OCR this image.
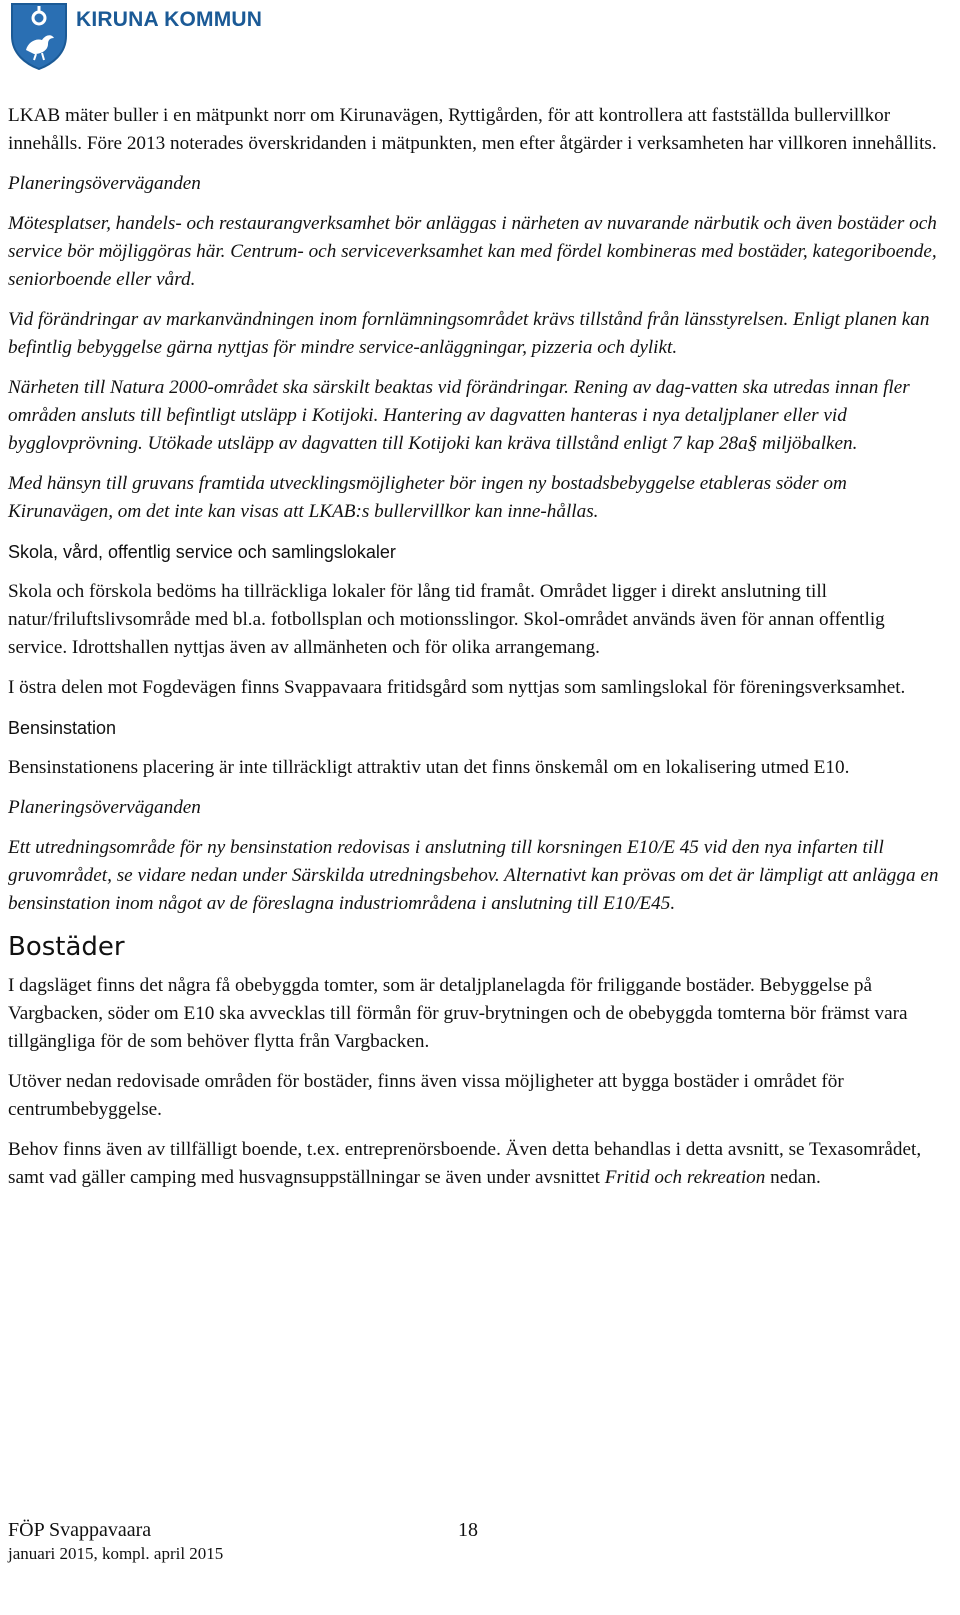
KIRUNA KOMMUN

LKAB mäter buller i en mätpunkt norr om Kirunavägen, Ryttigården, för att kontrollera att fastställda bullervillkor innehålls. Före 2013 noterades överskridanden i mätpunkten, men efter åtgärder i verksamheten har villkoren innehållits.

Planeringsöverväganden

Mötesplatser, handels- och restaurangverksamhet bör anläggas i närheten av nuvarande närbutik och även bostäder och service bör möjliggöras här. Centrum- och serviceverksamhet kan med fördel kombineras med bostäder, kategoriboende, seniorboende eller vård.

Vid förändringar av markanvändningen inom fornlämningsområdet krävs tillstånd från länsstyrelsen. Enligt planen kan befintlig bebyggelse gärna nyttjas för mindre service-anläggningar, pizzeria och dylikt.

Närheten till Natura 2000-området ska särskilt beaktas vid förändringar. Rening av dag-vatten ska utredas innan fler områden ansluts till befintligt utsläpp i Kotijoki. Hantering av dagvatten hanteras i nya detaljplaner eller vid bygglovprövning. Utökade utsläpp av dagvatten till Kotijoki kan kräva tillstånd enligt 7 kap 28a§ miljöbalken.

Med hänsyn till gruvans framtida utvecklingsmöjligheter bör ingen ny bostadsbebyggelse etableras söder om Kirunavägen, om det inte kan visas att LKAB:s bullervillkor kan inne-hållas.

Skola, vård, offentlig service och samlingslokaler

Skola och förskola bedöms ha tillräckliga lokaler för lång tid framåt. Området ligger i direkt anslutning till natur/friluftslivsområde med bl.a. fotbollsplan och motionsslingor. Skol-området används även för annan offentlig service. Idrottshallen nyttjas även av allmänheten och för olika arrangemang.

I östra delen mot Fogdevägen finns Svappavaara fritidsgård som nyttjas som samlingslokal för föreningsverksamhet.

Bensinstation

Bensinstationens placering är inte tillräckligt attraktiv utan det finns önskemål om en lokalisering utmed E10.

Planeringsöverväganden

Ett utredningsområde för ny bensinstation redovisas i anslutning till korsningen E10/E 45 vid den nya infarten till gruvområdet, se vidare nedan under Särskilda utredningsbehov. Alternativt kan prövas om det är lämpligt att anlägga en bensinstation inom något av de föreslagna industriområdena i anslutning till E10/E45.

Bostäder

I dagsläget finns det några få obebyggda tomter, som är detaljplanelagda för friliggande bostäder. Bebyggelse på Vargbacken, söder om E10 ska avvecklas till förmån för gruv-brytningen och de obebyggda tomterna bör främst vara tillgängliga för de som behöver flytta från Vargbacken.

Utöver nedan redovisade områden för bostäder, finns även vissa möjligheter att bygga bostäder i området för centrumbebyggelse.

Behov finns även av tillfälligt boende, t.ex. entreprenörsboende. Även detta behandlas i detta avsnitt, se Texasområdet, samt vad gäller camping med husvagnsuppställningar se även under avsnittet Fritid och rekreation nedan.

FÖP Svappavaara
januari 2015, kompl. april 2015
18
